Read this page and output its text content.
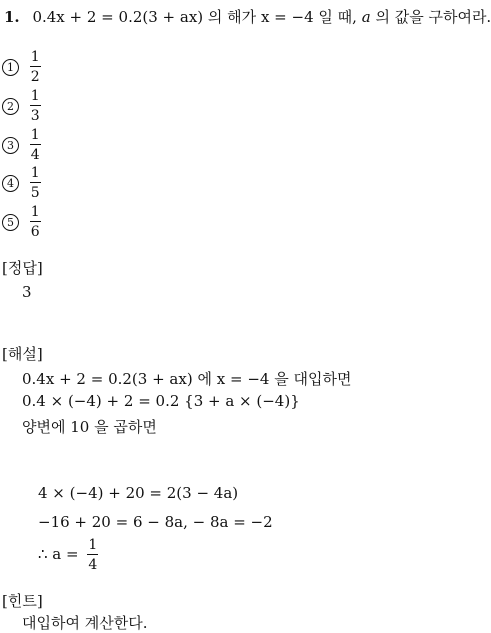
1. 0.4x + 2 = 0.2(3 + ax) 의 해가 x = −4 일 때, a 의 값을 구하여라.
$1 \frac{1}{2}$
$2 \frac{1}{3}$
$3 \frac{1}{4}$
$4 \frac{1}{5}$
$5 \frac{1}{6}$
[정답]
3
[해설]
0.4x + 2 = 0.2(3 + ax) 에 x = −4 을 대입하면
0.4 × (−4) + 2 = 0.2 {3 + a × (−4)}
양변에 10 을 곱하면
4 × (−4) + 20 = 2(3 − 4a)
−16 + 20 = 6 − 8a, − 8a = −2
∴ $a = \frac{1}{4}$
[힌트]
대입하여 계산한다.
